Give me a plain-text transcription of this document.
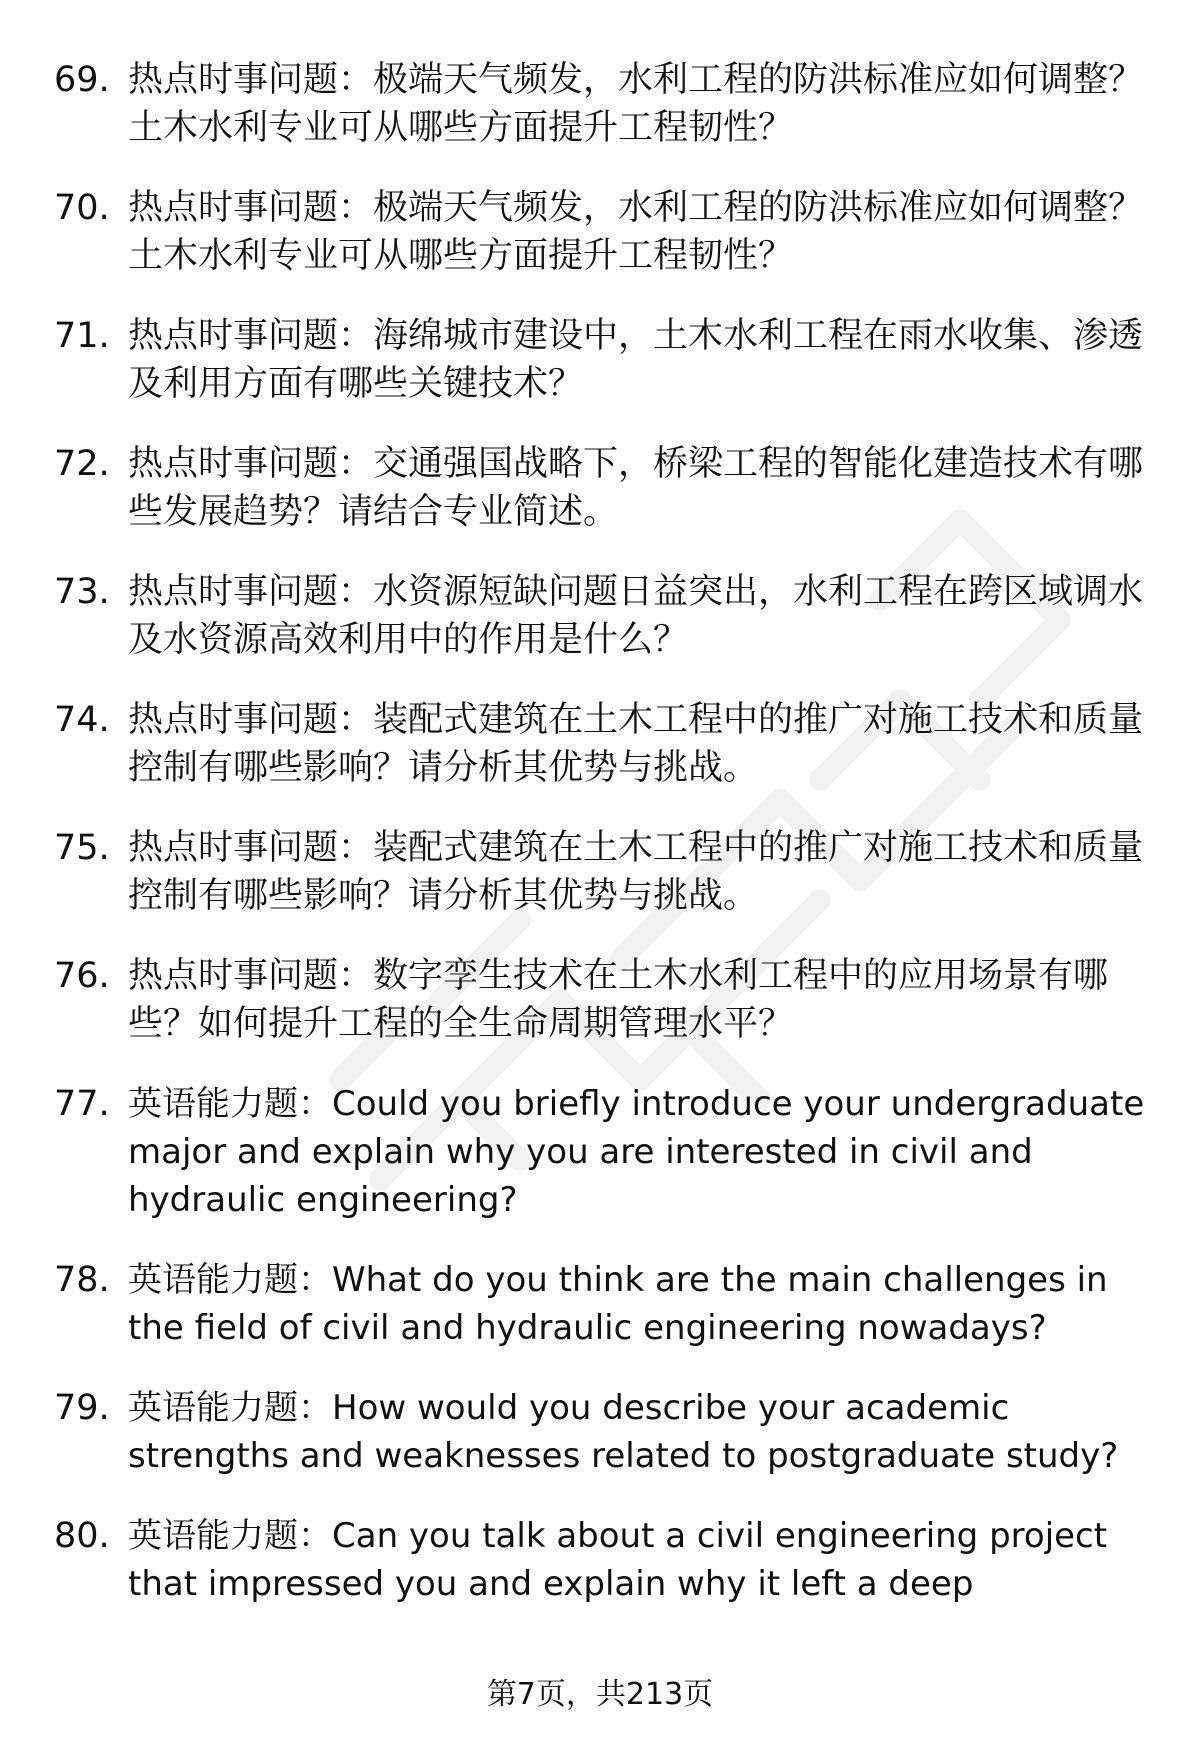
69. 热点时事问题：极端天气频发，水利工程的防洪标准应如何调整？土木水利专业可从哪些方面提升工程韧性？
70. 热点时事问题：极端天气频发，水利工程的防洪标准应如何调整？土木水利专业可从哪些方面提升工程韧性？
71. 热点时事问题：海绵城市建设中，土木水利工程在雨水收集、渗透及利用方面有哪些关键技术？
72. 热点时事问题：交通强国战略下，桥梁工程的智能化建造技术有哪些发展趋势？请结合专业简述。
73. 热点时事问题：水资源短缺问题日益突出，水利工程在跨区域调水及水资源高效利用中的作用是什么？
74. 热点时事问题：装配式建筑在土木工程中的推广对施工技术和质量控制有哪些影响？请分析其优势与挑战。
75. 热点时事问题：装配式建筑在土木工程中的推广对施工技术和质量控制有哪些影响？请分析其优势与挑战。
76. 热点时事问题：数字孪生技术在土木水利工程中的应用场景有哪些？如何提升工程的全生命周期管理水平？
77. 英语能力题：Could you briefly introduce your undergraduate major and explain why you are interested in civil and hydraulic engineering?
78. 英语能力题：What do you think are the main challenges in the field of civil and hydraulic engineering nowadays?
79. 英语能力题：How would you describe your academic strengths and weaknesses related to postgraduate study?
80. 英语能力题：Can you talk about a civil engineering project that impressed you and explain why it left a deep
第7页，共213页
